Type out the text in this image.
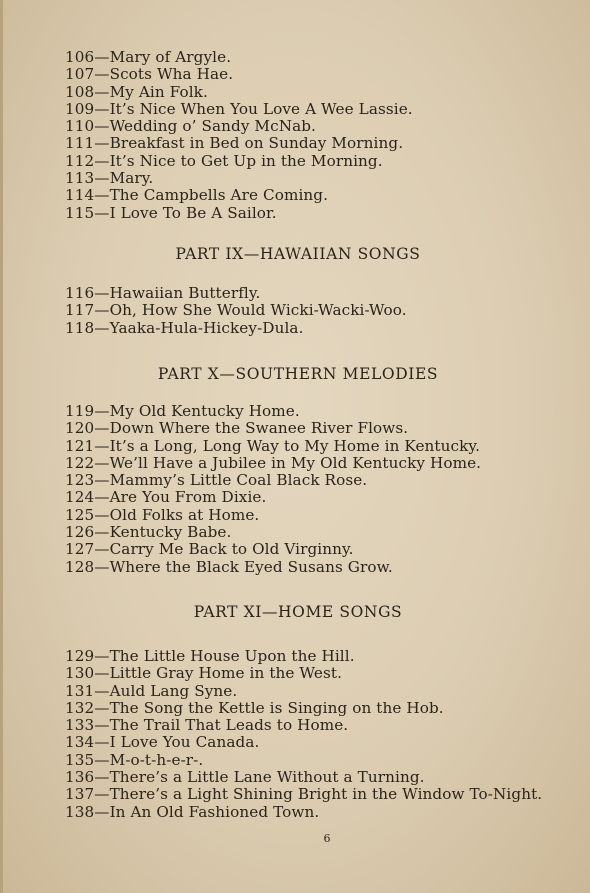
106—Mary of Argyle.
107—Scots Wha Hae.
108—My Ain Folk.
109—It’s Nice When You Love A Wee Lassie.
110—Wedding o’ Sandy McNab.
111—Breakfast in Bed on Sunday Morning.
112—It’s Nice to Get Up in the Morning.
113—Mary.
114—The Campbells Are Coming.
115—I Love To Be A Sailor.
PART IX—HAWAIIAN SONGS
116—Hawaiian Butterfly.
117—Oh, How She Would Wicki-Wacki-Woo.
118—Yaaka-Hula-Hickey-Dula.
PART X—SOUTHERN MELODIES
119—My Old Kentucky Home.
120—Down Where the Swanee River Flows.
121—It’s a Long, Long Way to My Home in Kentucky.
122—We’ll Have a Jubilee in My Old Kentucky Home.
123—Mammy’s Little Coal Black Rose.
124—Are You From Dixie.
125—Old Folks at Home.
126—Kentucky Babe.
127—Carry Me Back to Old Virginny.
128—Where the Black Eyed Susans Grow.
PART XI—HOME SONGS
129—The Little House Upon the Hill.
130—Little Gray Home in the West.
131—Auld Lang Syne.
132—The Song the Kettle is Singing on the Hob.
133—The Trail That Leads to Home.
134—I Love You Canada.
135—M-o-t-h-e-r-.
136—There’s a Little Lane Without a Turning.
137—There’s a Light Shining Bright in the Window To-Night.
138—In An Old Fashioned Town.
6
